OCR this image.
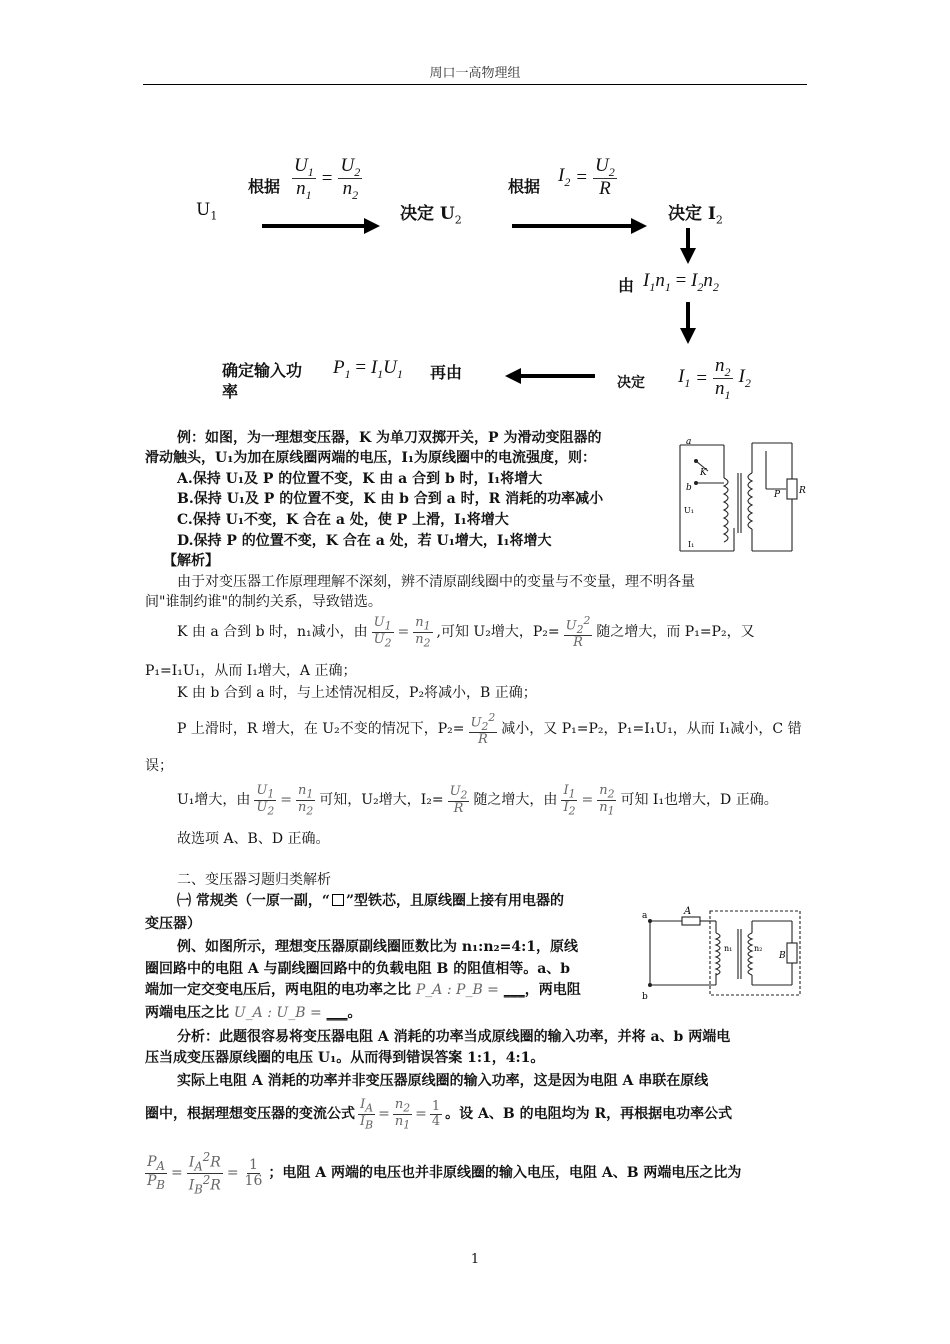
周口一高物理组
$U_1$
根据 $\frac{U_1}{n_1} = \frac{U_2}{n_2}$
决定 $U_2$
根据
$I_2 = \frac{U_2}{R}$
决定 $I_2$
由 $I_1n_1 = I_2n_2$
决定 $I_1 = \frac{n_2}{n_1} I_2$
确定输入功
率
$P_1 = I_1U_1$ 再由
例：如图，为一理想变压器，K 为单刀双掷开关，P 为滑动变阻器的
滑动触头，U₁为加在原线圈两端的电压，I₁为原线圈中的电流强度，则：
A.保持 U₁及 P 的位置不变，K 由 a 合到 b 时，I₁将增大
B.保持 U₁及 P 的位置不变，K 由 b 合到 a 时，R 消耗的功率减小
C.保持 U₁不变，K 合在 a 处，使 P 上滑，I₁将增大
D.保持 P 的位置不变，K 合在 a 处，若 U₁增大，I₁将增大
【解析】
a
b
K
P R
U₁
I₁
由于对变压器工作原理理解不深刻，辨不清原副线圈中的变量与不变量，理不明各量
间"谁制约谁"的制约关系，导致错选。
K 由 a 合到 b 时，n₁减小，由 $\frac{U_1}{U_2} = \frac{n_1}{n_2}$ ,可知 U₂增大，$P_2= \frac{U_2^2}{R}$ 随之增大，而 P₁=P₂，又
P₁=I₁U₁，从而 I₁增大，A 正确；
K 由 b 合到 a 时，与上述情况相反，P₂将减小，B 正确；
P 上滑时，R 增大，在 U₂不变的情况下，$P_2= \frac{U_2^2}{R}$ 减小，又 P₁=P₂，P₁=I₁U₁，从而 I₁减小，C 错
误；
U₁增大，由 $\frac{U_1}{U_2} = \frac{n_1}{n_2}$ 可知，U₂增大，$I_2= \frac{U_2}{R}$ 随之增大，由 $\frac{I_1}{I_2} = \frac{n_2}{n_1}$ 可知 I₁也增大，D 正确。
故选项 A、B、D 正确。
二、变压器习题归类解析
㈠ 常规类（一原一副，“ ”型铁芯，且原线圈上接有用电器的
变压器）
例、如图所示，理想变压器原副线圈匝数比为 n₁:n₂=4:1，原线
圈回路中的电阻 A 与副线圈回路中的负载电阻 B 的阻值相等。a、b
端加一定交变电压后，两电阻的电功率之比 P_A : P_B = ___，两电阻
两端电压之比 U_A : U_B = ___。
a
b
A
B
n₁	n₂
分析：此题很容易将变压器电阻 A 消耗的功率当成原线圈的输入功率，并将 a、b 两端电
压当成变压器原线圈的电压 U₁。从而得到错误答案 1:1，4:1。
实际上电阻 A 消耗的功率并非变压器原线圈的输入功率，这是因为电阻 A 串联在原线
圈中，根据理想变压器的变流公式 $\frac{I_A}{I_B} = \frac{n_2}{n_1} = \frac{1}{4}$ 。设 A、B 的电阻均为 R，再根据电功率公式
$\frac{P_A}{P_B} = \frac{I_A^2R}{I_B^2R} = \frac{1}{16}$ ；电阻 A 两端的电压也并非原线圈的输入电压，电阻 A、B 两端电压之比为
1
